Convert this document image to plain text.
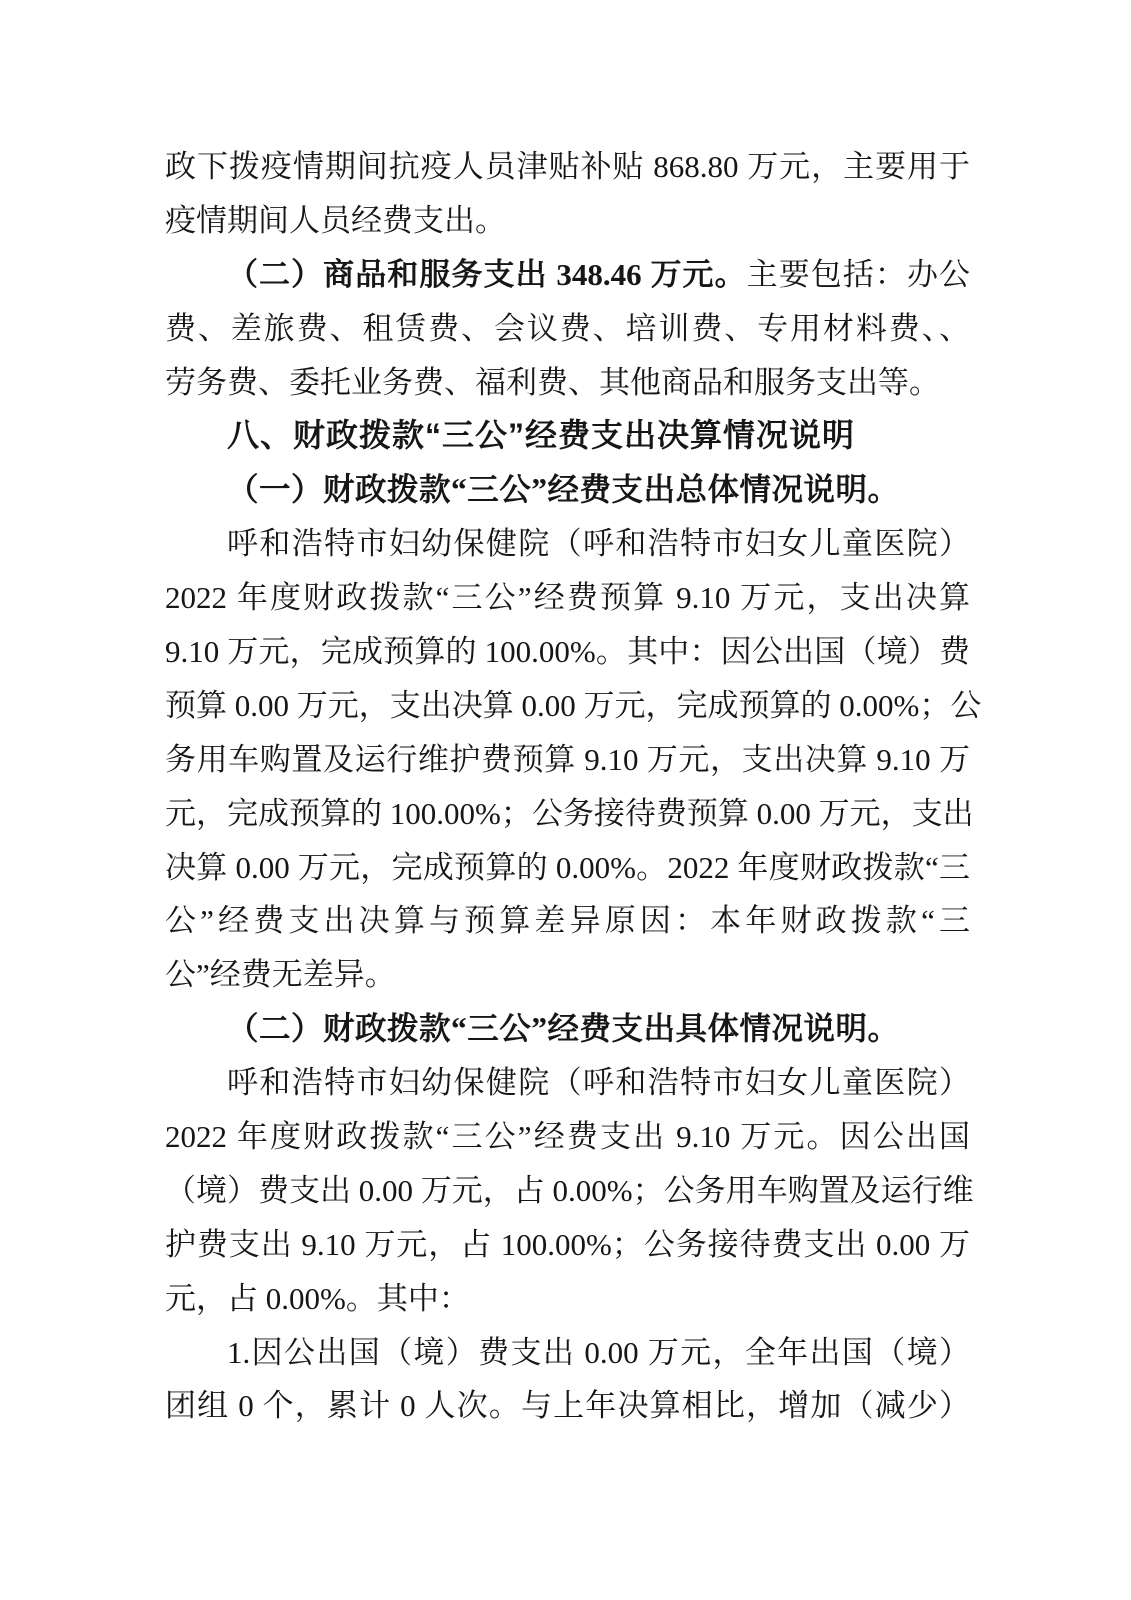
政下拨疫情期间抗疫人员津贴补贴 868.80 万元，主要用于
疫情期间人员经费支出。
（二）商品和服务支出 348.46 万元。主要包括：办公
费、差旅费、租赁费、会议费、培训费、专用材料费、、
劳务费、委托业务费、福利费、其他商品和服务支出等。
八、财政拨款“三公”经费支出决算情况说明
（一）财政拨款“三公”经费支出总体情况说明。
呼和浩特市妇幼保健院（呼和浩特市妇女儿童医院）
2022 年度财政拨款“三公”经费预算 9.10 万元，支出决算
9.10 万元，完成预算的 100.00%。其中：因公出国（境）费
预算 0.00 万元，支出决算 0.00 万元，完成预算的 0.00%；公
务用车购置及运行维护费预算 9.10 万元，支出决算 9.10 万
元，完成预算的 100.00%；公务接待费预算 0.00 万元，支出
决算 0.00 万元，完成预算的 0.00%。2022 年度财政拨款“三
公”经费支出决算与预算差异原因：本年财政拨款“三
公”经费无差异。
（二）财政拨款“三公”经费支出具体情况说明。
呼和浩特市妇幼保健院（呼和浩特市妇女儿童医院）
2022 年度财政拨款“三公”经费支出 9.10 万元。因公出国
（境）费支出 0.00 万元，占 0.00%；公务用车购置及运行维
护费支出 9.10 万元，占 100.00%；公务接待费支出 0.00 万
元，占 0.00%。其中：
1.因公出国（境）费支出 0.00 万元，全年出国（境）
团组 0 个，累计 0 人次。与上年决算相比，增加（减少）
